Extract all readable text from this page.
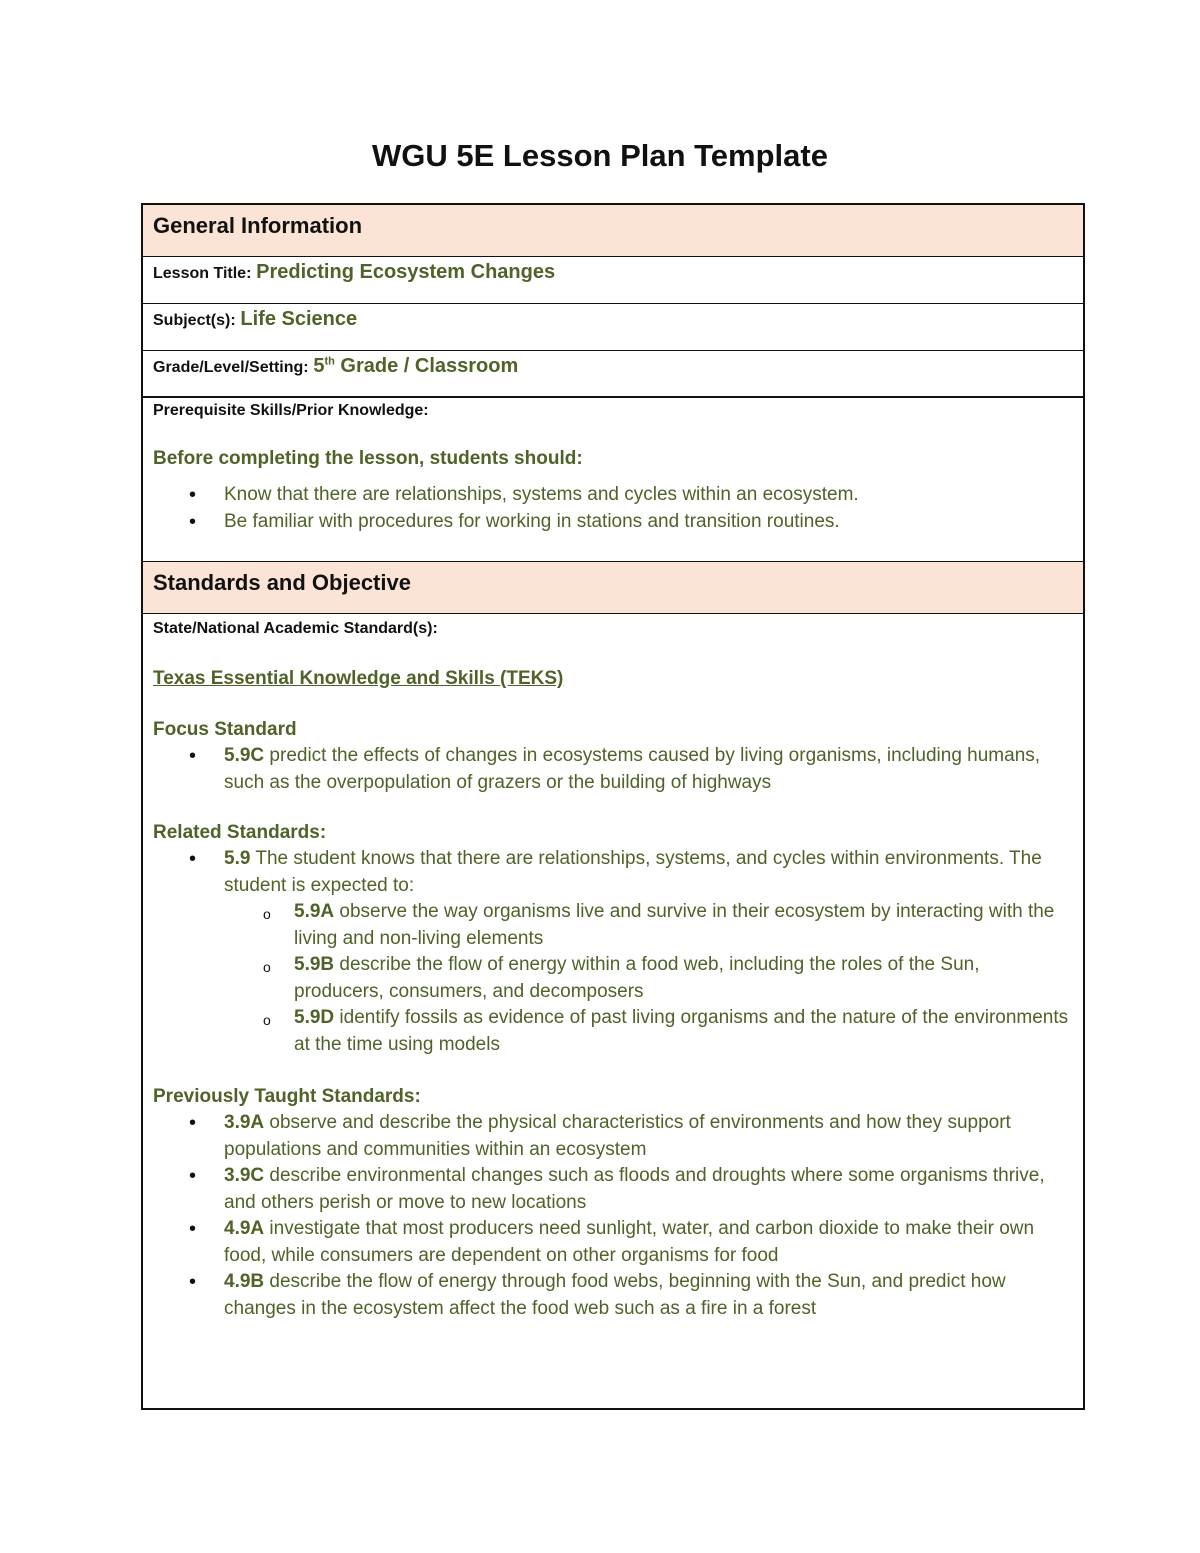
WGU 5E Lesson Plan Template
General Information
Lesson Title: Predicting Ecosystem Changes
Subject(s): Life Science
Grade/Level/Setting: 5th Grade / Classroom
Prerequisite Skills/Prior Knowledge:
Before completing the lesson, students should:
• Know that there are relationships, systems and cycles within an ecosystem.
• Be familiar with procedures for working in stations and transition routines.
Standards and Objective
State/National Academic Standard(s):
Texas Essential Knowledge and Skills (TEKS)
Focus Standard
• 5.9C predict the effects of changes in ecosystems caused by living organisms, including humans, such as the overpopulation of grazers or the building of highways
Related Standards:
• 5.9 The student knows that there are relationships, systems, and cycles within environments. The student is expected to:
o 5.9A observe the way organisms live and survive in their ecosystem by interacting with the living and non-living elements
o 5.9B describe the flow of energy within a food web, including the roles of the Sun, producers, consumers, and decomposers
o 5.9D identify fossils as evidence of past living organisms and the nature of the environments at the time using models
Previously Taught Standards:
• 3.9A observe and describe the physical characteristics of environments and how they support populations and communities within an ecosystem
• 3.9C describe environmental changes such as floods and droughts where some organisms thrive, and others perish or move to new locations
• 4.9A investigate that most producers need sunlight, water, and carbon dioxide to make their own food, while consumers are dependent on other organisms for food
• 4.9B describe the flow of energy through food webs, beginning with the Sun, and predict how changes in the ecosystem affect the food web such as a fire in a forest
